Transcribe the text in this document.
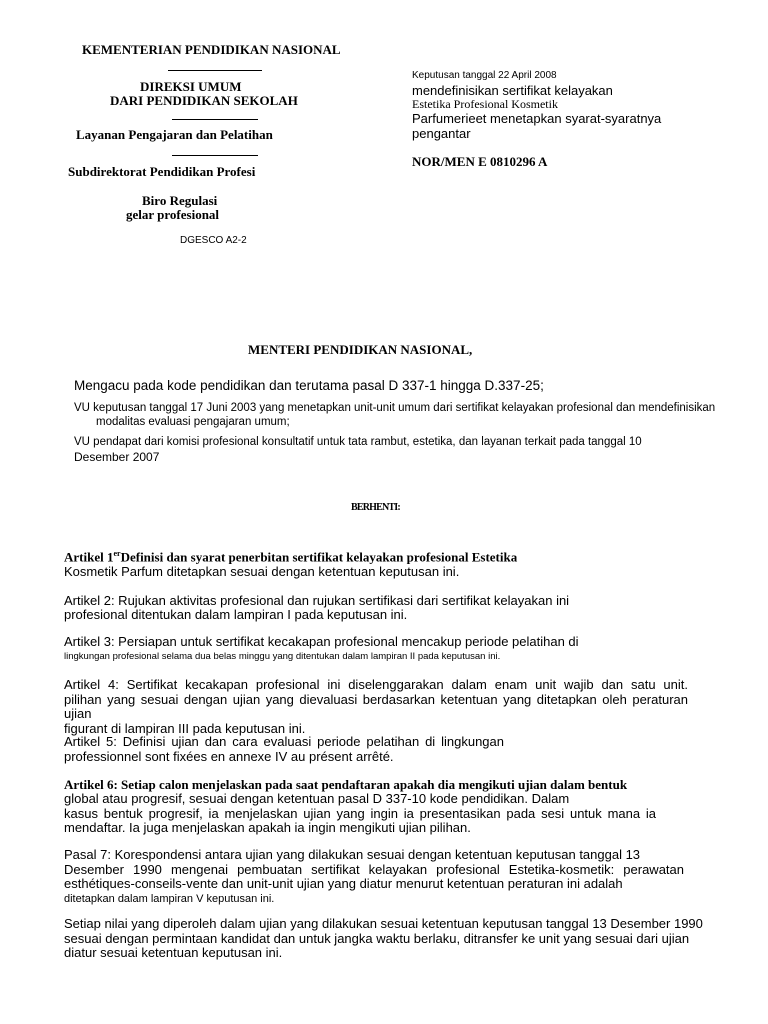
KEMENTERIAN PENDIDIKAN NASIONAL
DIREKSI UMUM
DARI PENDIDIKAN SEKOLAH
Layanan Pengajaran dan Pelatihan
Subdirektorat Pendidikan Profesi
Biro Regulasi
gelar profesional
DGESCO A2-2
Keputusan tanggal 22 April 2008
mendefinisikan sertifikat kelayakan
Estetika Profesional Kosmetik
Parfumerieet menetapkan syarat-syaratnya
pengantar
NOR/MEN E 0810296 A
MENTERI PENDIDIKAN NASIONAL,
Mengacu pada kode pendidikan dan terutama pasal D 337-1 hingga D.337-25;
VU keputusan tanggal 17 Juni 2003 yang menetapkan unit-unit umum dari sertifikat kelayakan profesional dan mendefinisikan
modalitas evaluasi pengajaran umum;
VU pendapat dari komisi profesional konsultatif untuk tata rambut, estetika, dan layanan terkait pada tanggal 10
Desember 2007
BERHENTI:
Artikel 1erDefinisi dan syarat penerbitan sertifikat kelayakan profesional Estetika
Kosmetik Parfum ditetapkan sesuai dengan ketentuan keputusan ini.
Artikel 2: Rujukan aktivitas profesional dan rujukan sertifikasi dari sertifikat kelayakan ini
profesional ditentukan dalam lampiran I pada keputusan ini.
Artikel 3: Persiapan untuk sertifikat kecakapan profesional mencakup periode pelatihan di
lingkungan profesional selama dua belas minggu yang ditentukan dalam lampiran II pada keputusan ini.
Artikel 4: Sertifikat kecakapan profesional ini diselenggarakan dalam enam unit wajib dan satu unit.
pilihan yang sesuai dengan ujian yang dievaluasi berdasarkan ketentuan yang ditetapkan oleh peraturan ujian
figurant di lampiran III pada keputusan ini.
Artikel 5: Definisi ujian dan cara evaluasi periode pelatihan di lingkungan
professionnel sont fixées en annexe IV au présent arrêté.
Artikel 6: Setiap calon menjelaskan pada saat pendaftaran apakah dia mengikuti ujian dalam bentuk
global atau progresif, sesuai dengan ketentuan pasal D 337-10 kode pendidikan. Dalam
kasus bentuk progresif, ia menjelaskan ujian yang ingin ia presentasikan pada sesi untuk mana ia
mendaftar. Ia juga menjelaskan apakah ia ingin mengikuti ujian pilihan.
Pasal 7: Korespondensi antara ujian yang dilakukan sesuai dengan ketentuan keputusan tanggal 13
Desember 1990 mengenai pembuatan sertifikat kelayakan profesional Estetika-kosmetik: perawatan
esthétiques-conseils-vente dan unit-unit ujian yang diatur menurut ketentuan peraturan ini adalah
ditetapkan dalam lampiran V keputusan ini.
Setiap nilai yang diperoleh dalam ujian yang dilakukan sesuai ketentuan keputusan tanggal 13 Desember 1990
sesuai dengan permintaan kandidat dan untuk jangka waktu berlaku, ditransfer ke unit yang sesuai dari ujian
diatur sesuai ketentuan keputusan ini.
